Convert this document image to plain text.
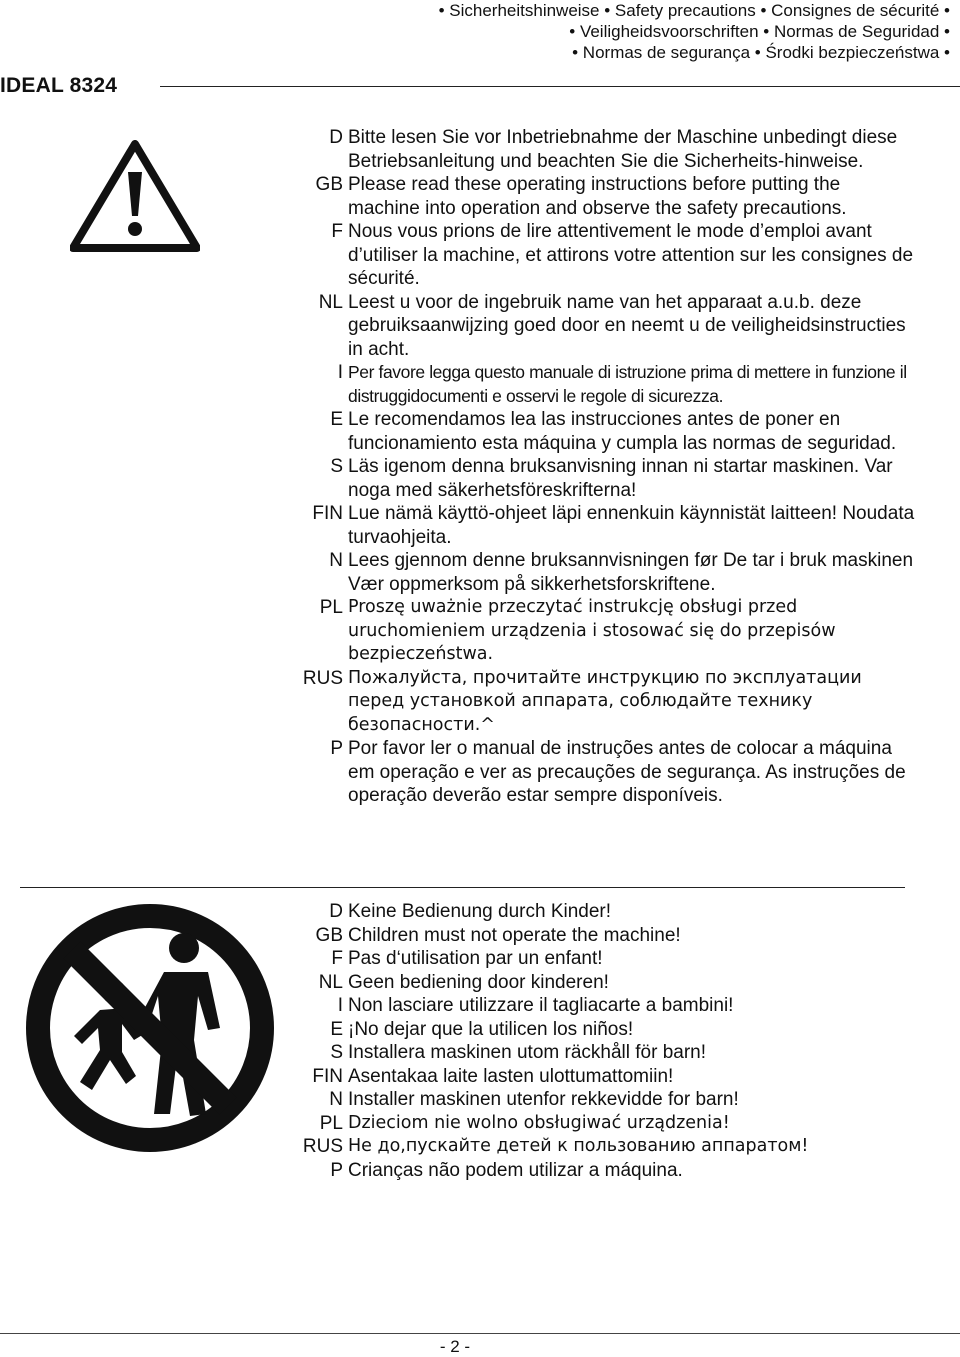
IDEAL 8324
• Sicherheitshinweise • Safety precautions • Consignes de sécurité •
• Veiligheidsvoorschriften • Normas de Seguridad •
• Normas de segurança • Środki bezpieczeństwa •
D Bitte lesen Sie vor Inbetriebnahme der Maschine unbedingt diese Betriebsanleitung und beachten Sie die Sicherheits-hinweise.
GB Please read these operating instructions before putting the machine into operation and observe the safety precautions.
F Nous vous prions de lire attentivement le mode d’emploi avant d’utiliser la machine, et attirons votre attention sur les consignes de sécurité.
NL Leest u voor de ingebruik name van het apparaat a.u.b. deze gebruiksaanwijzing goed door en neemt u de veiligheidsinstructies in acht.
I Per favore legga questo manuale di istruzione prima di mettere in funzione il distruggidocumenti e osservi le regole di sicurezza.
E Le recomendamos lea las instrucciones antes de poner en funcionamiento esta máquina y cumpla las normas de seguridad.
S Läs igenom denna bruksanvisning innan ni startar maskinen. Var noga med säkerhetsföreskrifterna!
FIN Lue nämä käyttö-ohjeet läpi ennenkuin käynnistät laitteen! Noudata turvaohjeita.
N Lees gjennom denne bruksannvisningen før De tar i bruk maskinen Vær oppmerksom på sikkerhetsforskriftene.
PL Proszę uważnie przeczytać instrukcję obsługi przed uruchomieniem urządzenia i stosować się do przepisów bezpieczeństwa.
RUS Пожалуйста, прочитайте инструкцию по эксплуатации перед установкой аппарата, соблюдайте технику безопасности.^
P Por favor ler o manual de instruções antes de colocar a máquina em operação e ver as precauções de segurança. As instruções de operação deverão estar sempre disponíveis.
D Keine Bedienung durch Kinder!
GB Children must not operate the machine!
F Pas d‘utilisation par un enfant!
NL Geen bediening door kinderen!
I Non lasciare utilizzare il tagliacarte a bambini!
E ¡No dejar que la utilicen los niños!
S Installera maskinen utom räckhåll för barn!
FIN Asentakaa laite lasten ulottumattomiin!
N Installer maskinen utenfor rekkevidde for barn!
PL Dzieciom nie wolno obsługiwać urządzenia!
RUS Не до,пускайте детей к пользованию аппаратом!
P Crianças não podem utilizar a máquina.
- 2 -
